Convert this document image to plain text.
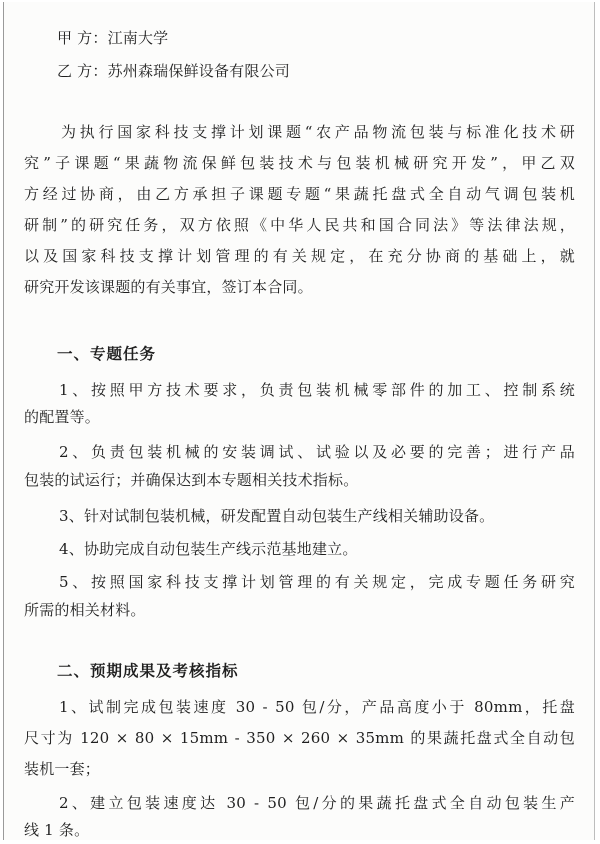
甲 方：江南大学
乙 方：苏州森瑞保鲜设备有限公司
为执行国家科技支撑计划课题“农产品物流包装与标准化技术研
究”子课题“果蔬物流保鲜包装技术与包装机械研究开发”，甲乙双
方经过协商，由乙方承担子课题专题“果蔬托盘式全自动气调包装机
研制”的研究任务，双方依照《中华人民共和国合同法》等法律法规，
以及国家科技支撑计划管理的有关规定，在充分协商的基础上，就
研究开发该课题的有关事宜，签订本合同。
一、专题任务
1、按照甲方技术要求，负责包装机械零部件的加工、控制系统
的配置等。
2、负责包装机械的安装调试、试验以及必要的完善；进行产品
包装的试运行；并确保达到本专题相关技术指标。
3、针对试制包装机械，研发配置自动包装生产线相关辅助设备。
4、协助完成自动包装生产线示范基地建立。
5、按照国家科技支撑计划管理的有关规定，完成专题任务研究
所需的相关材料。
二、预期成果及考核指标
1、试制完成包装速度 30 - 50 包/分，产品高度小于 80mm，托盘
尺寸为 120 × 80 × 15mm - 350 × 260 × 35mm 的果蔬托盘式全自动包
装机一套；
2、建立包装速度达 30 - 50 包/分的果蔬托盘式全自动包装生产
线 1 条。
